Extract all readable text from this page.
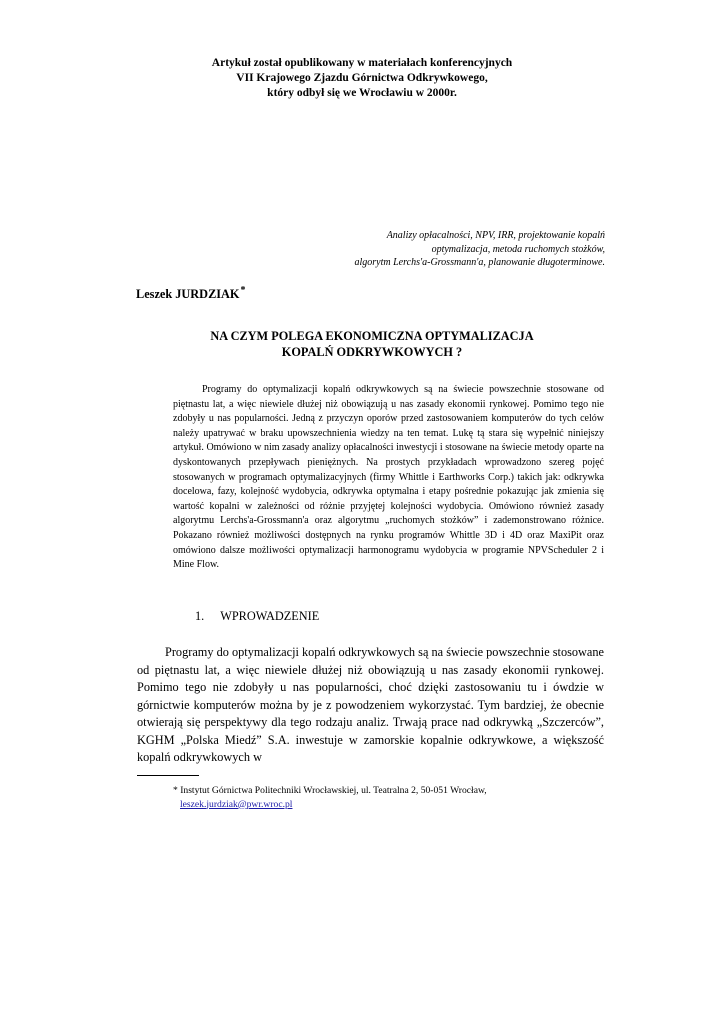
Artykuł został opublikowany w materiałach konferencyjnych
VII Krajowego Zjazdu Górnictwa Odkrywkowego,
który odbył się we Wrocławiu w 2000r.
Analizy opłacalności, NPV, IRR, projektowanie kopalń
optymalizacja, metoda ruchomych stożków,
algorytm Lerchs'a-Grossmann'a, planowanie długoterminowe.
Leszek JURDZIAK*
NA CZYM POLEGA EKONOMICZNA OPTYMALIZACJA
KOPALŃ ODKRYWKOWYCH ?

Programy do optymalizacji kopalń odkrywkowych są na świecie powszechnie stosowane od piętnastu lat, a więc niewiele dłużej niż obowiązują u nas zasady ekonomii rynkowej. Pomimo tego nie zdobyły u nas popularności. Jedną z przyczyn oporów przed zastosowaniem komputerów do tych celów należy upatrywać w braku upowszechnienia wiedzy na ten temat. Lukę tą stara się wypełnić niniejszy artykuł. Omówiono w nim zasady analizy opłacalności inwestycji i stosowane na świecie metody oparte na dyskontowanych przepływach pieniężnych. Na prostych przykładach wprowadzono szereg pojęć stosowanych w programach optymalizacyjnych (firmy Whittle i Earthworks Corp.) takich jak: odkrywka docelowa, fazy, kolejność wydobycia, odkrywka optymalna i etapy pośrednie pokazując jak zmienia się wartość kopalni w zależności od różnie przyjętej kolejności wydobycia. Omówiono również zasady algorytmu Lerchs'a-Grossmann'a oraz algorytmu „ruchomych stożków” i zademonstrowano różnice. Pokazano również możliwości dostępnych na rynku programów Whittle 3D i 4D oraz MaxiPit oraz omówiono dalsze możliwości optymalizacji harmonogramu wydobycia w programie NPVScheduler 2 i Mine Flow.

1. WPROWADZENIE

Programy do optymalizacji kopalń odkrywkowych są na świecie powszechnie stosowane od piętnastu lat, a więc niewiele dłużej niż obowiązują u nas zasady ekonomii rynkowej. Pomimo tego nie zdobyły u nas popularności, choć dzięki zastosowaniu tu i ówdzie w górnictwie komputerów można by je z powodzeniem wykorzystać. Tym bardziej, że obecnie otwierają się perspektywy dla tego rodzaju analiz. Trwają prace nad odkrywką „Szczerców”, KGHM „Polska Miedź” S.A. inwestuje w zamorskie kopalnie odkrywkowe, a większość kopalń odkrywkowych w

* Instytut Górnictwa Politechniki Wrocławskiej, ul. Teatralna 2, 50-051 Wrocław,
leszek.jurdziak@pwr.wroc.pl
